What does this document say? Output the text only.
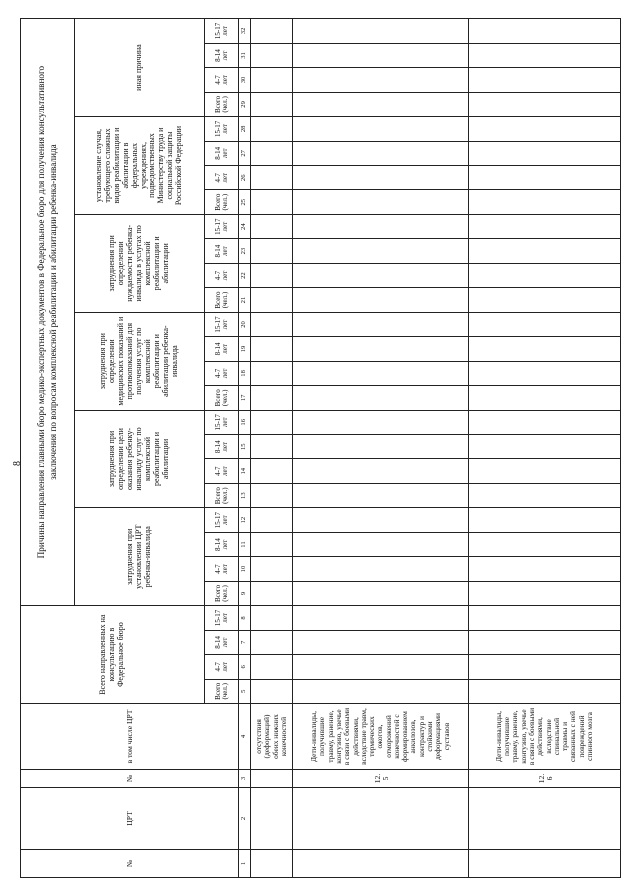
8
№	ЦРТ	№	в том числе ЦРТ	Всего направленных на консультацию в Федеральное бюро				Причины направления главными бюро медико-экспертных документов в Федеральное бюро для получения консультативного заключения по вопросам комплексной реабилитации и абилитации ребенка-инвалида																							
								затруднения при установлении ЦРТ ребенка-инвалида				затруднения при определении цели оказания ребенку-инвалиду услуг по комплексной реабилитации и абилитации				затруднения при определении медицинских показаний и противопоказаний для получения услуг по комплексной реабилитации и абилитации ребенка-инвалида				затруднения при определении нуждаемости ребенка-инвалида в услугах по комплексной реабилитации и абилитации				установление случая, требующего сложных видов реабилитации и абилитации в федеральных учреждениях, подведомственных Министерству труда и социальной защиты Российской Федерации				иная причина			
				Всего (чел.)	4-7 лет	8-14 лет	15-17 лет	Всего (чел.)	4-7 лет	8-14 лет	15-17 лет	Всего (чел.)	4-7 лет	8-14 лет	15-17 лет	Всего (чел.)	4-7 лет	8-14 лет	15-17 лет	Всего (чел.)	4-7 лет	8-14 лет	15-17 лет	Всего (чел.)	4-7 лет	8-14 лет	15-17 лет	Всего (чел.)	4-7 лет	8-14 лет	15-17 лет
1	2	3	4	5	6	7	8	9	10	11	12	13	14	15	16	17	18	19	20	21	22	23	24	25	26	27	28	29	30	31	32
			отсутствия (деформаций) обеих нижних конечностей																												
		12.5	Дети-инвалиды, получившие травму, ранение, контузию, увечье в связи с боевыми действиями, вследствие травм, термических ожогов, отморожений конечностей с формированием анкилозов, контрактур и стойкими деформациями суставов																												
		12.6	Дети-инвалиды, получившие травму, ранение, контузию, увечье в связи с боевыми действиями, вследствие спинальной травмы и связанных с ней повреждений спинного мозга																												
